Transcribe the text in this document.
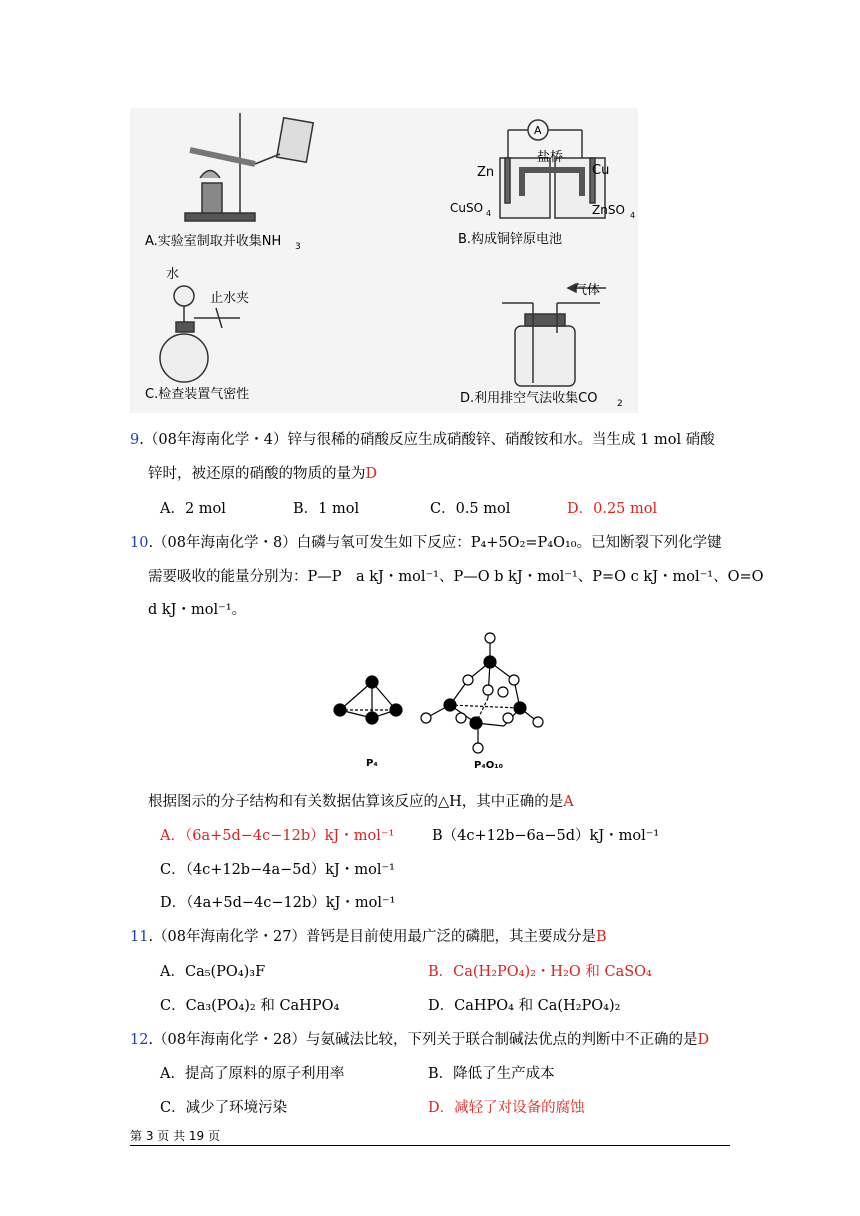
A.实验室制取并收集NH 3
A
盐桥
Zn	Cu
CuSO 4	ZnSO 4
B.构成铜锌原电池
水
止水夹
C.检查装置气密性
气体
D.利用排空气法收集CO 2
9.（08年海南化学・4）锌与很稀的硝酸反应生成硝酸锌、硝酸铵和水。当生成 1 mol 硝酸
锌时，被还原的硝酸的物质的量为D
A．2 mol	B．1 mol	C．0.5 mol	D．0.25 mol
10.（08年海南化学・8）白磷与氧可发生如下反应：P₄+5O₂=P₄O₁₀。已知断裂下列化学键
需要吸收的能量分别为：P—P　a kJ・mol⁻¹、P—O b kJ・mol⁻¹、P=O c kJ・mol⁻¹、O=O
d kJ・mol⁻¹。
P₄	P₄O₁₀
根据图示的分子结构和有关数据估算该反应的△H，其中正确的是A
A．（6a+5d−4c−12b）kJ・mol⁻¹	B（4c+12b−6a−5d）kJ・mol⁻¹
C．（4c+12b−4a−5d）kJ・mol⁻¹
D．（4a+5d−4c−12b）kJ・mol⁻¹
11.（08年海南化学・27）普钙是目前使用最广泛的磷肥，其主要成分是B
A．Ca₅(PO₄)₃F	B．Ca(H₂PO₄)₂・H₂O 和 CaSO₄
C．Ca₃(PO₄)₂ 和 CaHPO₄	D．CaHPO₄ 和 Ca(H₂PO₄)₂
12.（08年海南化学・28）与氨碱法比较，下列关于联合制碱法优点的判断中不正确的是D
A．提高了原料的原子利用率	B．降低了生产成本
C．减少了环境污染	D．减轻了对设备的腐蚀
第 3 页 共 19 页
